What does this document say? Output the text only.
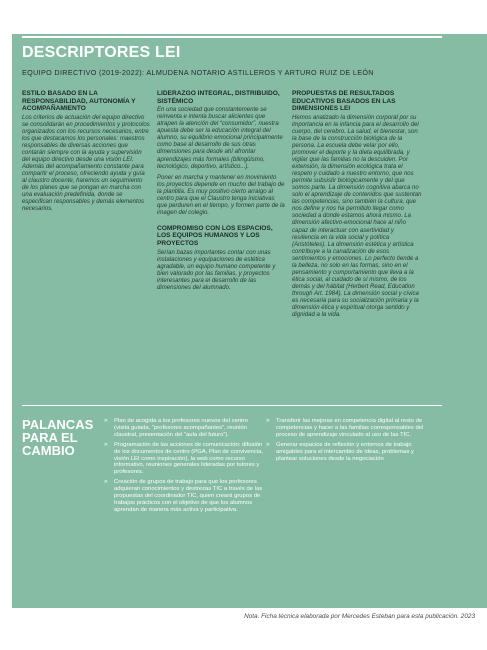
DESCRIPTORES LEI
EQUIPO DIRECTIVO (2019-2022): ALMUDENA NOTARIO ASTILLEROS Y ARTURO RUIZ DE LEÓN
ESTILO BASADO EN LA RESPONSABILIDAD, AUTONOMÍA Y ACOMPAÑAMIENTO

Los criterios de actuación del equipo directivo se consolidarán en procedimientos y protocolos organizados con los recursos necesarios, entre los que destacamos los personales: maestros responsables de diversas acciones que contarán siempre con la ayuda y supervisión del equipo directivo desde una visión LEI. Además del acompañamiento constante para compartir el proceso, ofreciendo ayuda y guía al claustro docente, haremos un seguimiento de los planes que se pongan en marcha con una evaluación predefinida, donde se especifican responsables y demás elementos necesarios.

LIDERAZGO INTEGRAL, DISTRIBUIDO, SISTÉMICO

En una sociedad que constantemente se reinventa e intenta buscar alicientes que atrapen la atención del “consumidor”, nuestra apuesta debe ser la educación integral del alumno, su equilibrio emocional principalmente como base al desarrollo de sus otras dimensiones para desde ahí afrontar aprendizajes más formales (bilingüismo, tecnológico, deportivo, artístico...).

Poner en marcha y mantener en movimiento los proyectos depende en mucho del trabajo de la plantilla. Es muy positivo cierto arraigo al centro para que el Claustro tenga iniciativas que perduren en el tiempo, y formen parte de la imagen del colegio.

COMPROMISO CON LOS ESPACIOS, LOS EQUIPOS HUMANOS Y LOS PROYECTOS

Serían bazas importantes contar con unas instalaciones y equipaciones de estética agradable, un equipo humano competente y bien valorado por las familias, y proyectos interesantes para el desarrollo de las dimensiones del alumnado.

PROPUESTAS DE RESULTADOS EDUCATIVOS BASADOS EN LAS DIMENSIONES LEI

Hemos analizado la dimensión corporal por su importancia en la infancia para el desarrollo del cuerpo, del cerebro. La salud, el bienestar, son la base de la construcción biológica de la persona. La escuela debe velar por ello, promover el deporte y la dieta equilibrada, y vigilar que las familias no la descuiden. Por extensión, la dimensión ecológica trata el respeto y cuidado a nuestro entorno, que nos permite subsistir biológicamente y del que somos parte. La dimensión cognitiva abarca no solo el aprendizaje de contenidos que sustentan las competencias, sino también la cultura, que nos define y nos ha permitido llegar como sociedad a donde estamos ahora mismo. La dimensión afectivo-emocional hace al niño capaz de interactuar con asertividad y resiliencia en la vida social y política (Aristóteles). La dimensión estética y artística contribuye a la canalización de esos sentimientos y emociones. Lo perfecto tiende a la belleza, no solo en las formas, sino en el pensamiento y comportamiento que lleva a la ética social, al cuidado de sí mismo, de los demás y del hábitat (Herbert Read, Education through Art. 1984). La dimensión social y cívica es necesaria para su socialización primaria y la dimensión ética y espiritual otorga sentido y dignidad a la vida.

PALANCAS PARA EL CAMBIO
» Plan de acogida a los profesores nuevos del centro (visita guiada, “profesores acompañantes”, reunión claustral, presentación del “aula del futuro”).
» Programación de las acciones de comunicación: difusión de los documentos de centro (PGA, Plan de convivencia, visión LEI como inspiración), la web como recurso informativo, reuniones generales lideradas por tutores y profesores.
» Creación de grupos de trabajo para que los profesores adquieran conocimientos y destrezas TIC a través de las propuestas del coordinador TIC, quien creará grupos de trabajos prácticos con el objetivo de que los alumnos aprendan de manera más activa y participativa.
» Transferir las mejoras en competencia digital al resto de competencias y hacer a las familias corresponsables del proceso de aprendizaje vinculado al uso de las TIC.
» Generar espacios de reflexión y entornos de trabajo amigables para el intercambio de ideas, problemas y plantear soluciones desde la negociación
Nota. Ficha técnica elaborada por Mercedes Esteban para esta publicación. 2023
